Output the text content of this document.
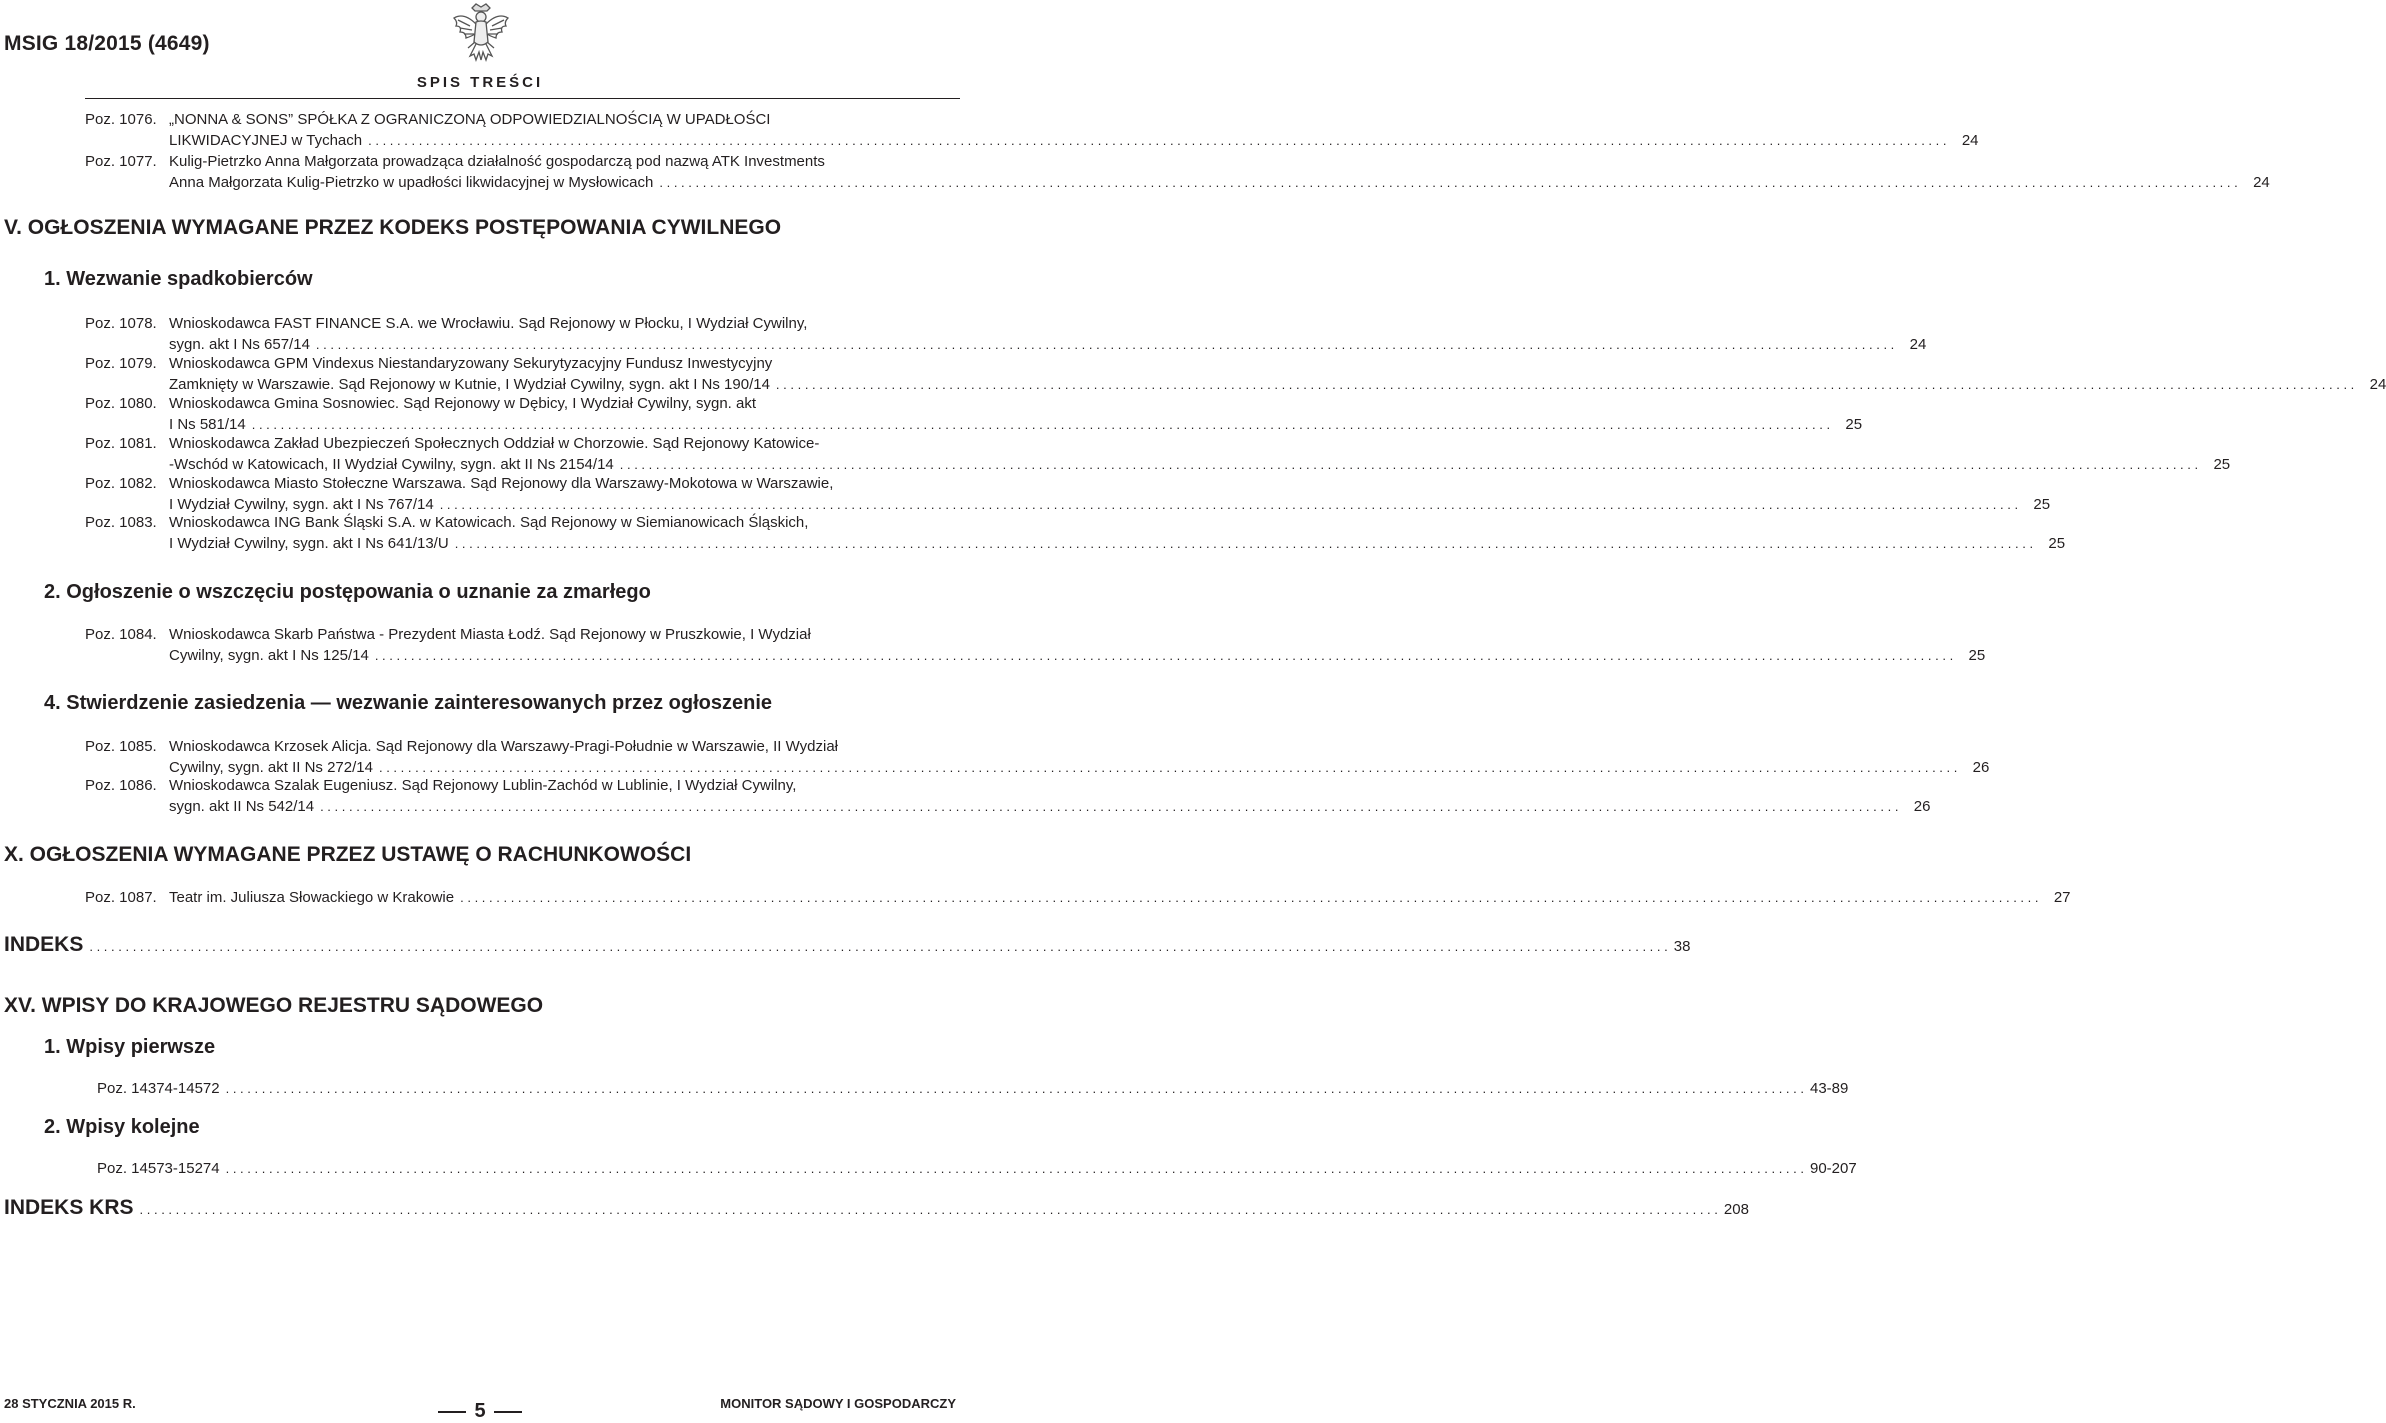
MSIG 18/2015 (4649)
SPIS TREŚCI
Poz. 1076. „NONNA & SONS” SPÓŁKA Z OGRANICZONĄ ODPOWIEDZIALNOŚCIĄ W UPADŁOŚCI
LIKWIDACYJNEJ w Tychach . . .	24
Poz. 1077. Kulig-Pietrzko Anna Małgorzata prowadząca działalność gospodarczą pod nazwą ATK Investments
Anna Małgorzata Kulig-Pietrzko w upadłości likwidacyjnej w Mysłowicach . . .	24
V. OGŁOSZENIA WYMAGANE PRZEZ KODEKS POSTĘPOWANIA CYWILNEGO
1. Wezwanie spadkobierców
Poz. 1078. Wnioskodawca FAST FINANCE S.A. we Wrocławiu. Sąd Rejonowy w Płocku, I Wydział Cywilny,
sygn. akt I Ns 657/14 . . .	24
Poz. 1079. Wnioskodawca GPM Vindexus Niestandaryzowany Sekurytyzacyjny Fundusz Inwestycyjny
Zamknięty w Warszawie. Sąd Rejonowy w Kutnie, I Wydział Cywilny, sygn. akt I Ns 190/14 . . .	24
Poz. 1080. Wnioskodawca Gmina Sosnowiec. Sąd Rejonowy w Dębicy, I Wydział Cywilny, sygn. akt
I Ns 581/14 . . .	25
Poz. 1081. Wnioskodawca Zakład Ubezpieczeń Społecznych Oddział w Chorzowie. Sąd Rejonowy Katowice-
-Wschód w Katowicach, II Wydział Cywilny, sygn. akt II Ns 2154/14 . . .	25
Poz. 1082. Wnioskodawca Miasto Stołeczne Warszawa. Sąd Rejonowy dla Warszawy-Mokotowa w Warszawie,
I Wydział Cywilny, sygn. akt I Ns 767/14 . . .	25
Poz. 1083. Wnioskodawca ING Bank Śląski S.A. w Katowicach. Sąd Rejonowy w Siemianowicach Śląskich,
I Wydział Cywilny, sygn. akt I Ns 641/13/U . . .	25
2. Ogłoszenie o wszczęciu postępowania o uznanie za zmarłego
Poz. 1084. Wnioskodawca Skarb Państwa - Prezydent Miasta Łodź. Sąd Rejonowy w Pruszkowie, I Wydział
Cywilny, sygn. akt I Ns 125/14 . . .	25
4. Stwierdzenie zasiedzenia — wezwanie zainteresowanych przez ogłoszenie
Poz. 1085. Wnioskodawca Krzosek Alicja. Sąd Rejonowy dla Warszawy-Pragi-Południe w Warszawie, II Wydział
Cywilny, sygn. akt II Ns 272/14 . . .	26
Poz. 1086. Wnioskodawca Szalak Eugeniusz. Sąd Rejonowy Lublin-Zachód w Lublinie, I Wydział Cywilny,
sygn. akt II Ns 542/14 . . .	26
X. OGŁOSZENIA WYMAGANE PRZEZ USTAWĘ O RACHUNKOWOŚCI
Poz. 1087. Teatr im. Juliusza Słowackiego w Krakowie . . .	27
INDEKS . . .	38
XV. WPISY DO KRAJOWEGO REJESTRU SĄDOWEGO
1. Wpisy pierwsze
Poz. 14374-14572 . . .	43-89
2. Wpisy kolejne
Poz. 14573-15274 . . .	90-207
INDEKS KRS . . .	208
28 STYCZNIA 2015 R.	5	MONITOR SĄDOWY I GOSPODARCZY
